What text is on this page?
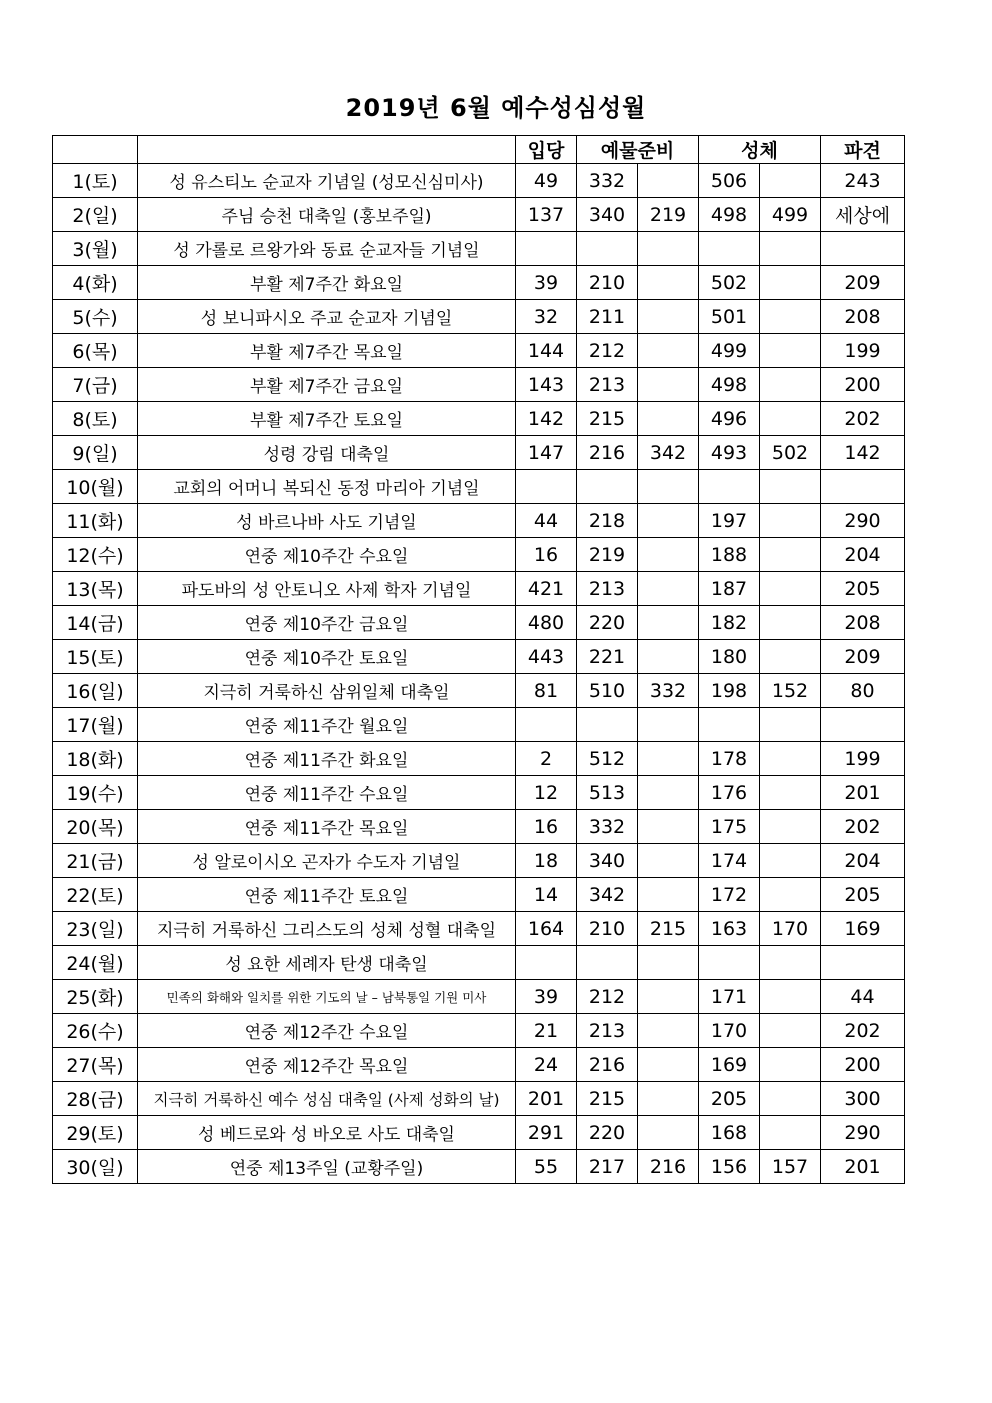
2019년 6월 예수성심성월
		입당	예물준비		성체		파견
1(토)	성 유스티노 순교자 기념일 (성모신심미사)	49	332		506		243
2(일)	주님 승천 대축일 (홍보주일)	137	340	219	498	499	세상에
3(월)	성 가롤로 르왕가와 동료 순교자들 기념일						
4(화)	부활 제7주간 화요일	39	210		502		209
5(수)	성 보니파시오 주교 순교자 기념일	32	211		501		208
6(목)	부활 제7주간 목요일	144	212		499		199
7(금)	부활 제7주간 금요일	143	213		498		200
8(토)	부활 제7주간 토요일	142	215		496		202
9(일)	성령 강림 대축일	147	216	342	493	502	142
10(월)	교회의 어머니 복되신 동정 마리아 기념일						
11(화)	성 바르나바 사도 기념일	44	218		197		290
12(수)	연중 제10주간 수요일	16	219		188		204
13(목)	파도바의 성 안토니오 사제 학자 기념일	421	213		187		205
14(금)	연중 제10주간 금요일	480	220		182		208
15(토)	연중 제10주간 토요일	443	221		180		209
16(일)	지극히 거룩하신 삼위일체 대축일	81	510	332	198	152	80
17(월)	연중 제11주간 월요일						
18(화)	연중 제11주간 화요일	2	512		178		199
19(수)	연중 제11주간 수요일	12	513		176		201
20(목)	연중 제11주간 목요일	16	332		175		202
21(금)	성 알로이시오 곤자가 수도자 기념일	18	340		174		204
22(토)	연중 제11주간 토요일	14	342		172		205
23(일)	지극히 거룩하신 그리스도의 성체 성혈 대축일	164	210	215	163	170	169
24(월)	성 요한 세례자 탄생 대축일						
25(화)	민족의 화해와 일치를 위한 기도의 날 – 남북통일 기원 미사	39	212		171		44
26(수)	연중 제12주간 수요일	21	213		170		202
27(목)	연중 제12주간 목요일	24	216		169		200
28(금)	지극히 거룩하신 예수 성심 대축일 (사제 성화의 날)	201	215		205		300
29(토)	성 베드로와 성 바오로 사도 대축일	291	220		168		290
30(일)	연중 제13주일 (교황주일)	55	217	216	156	157	201
